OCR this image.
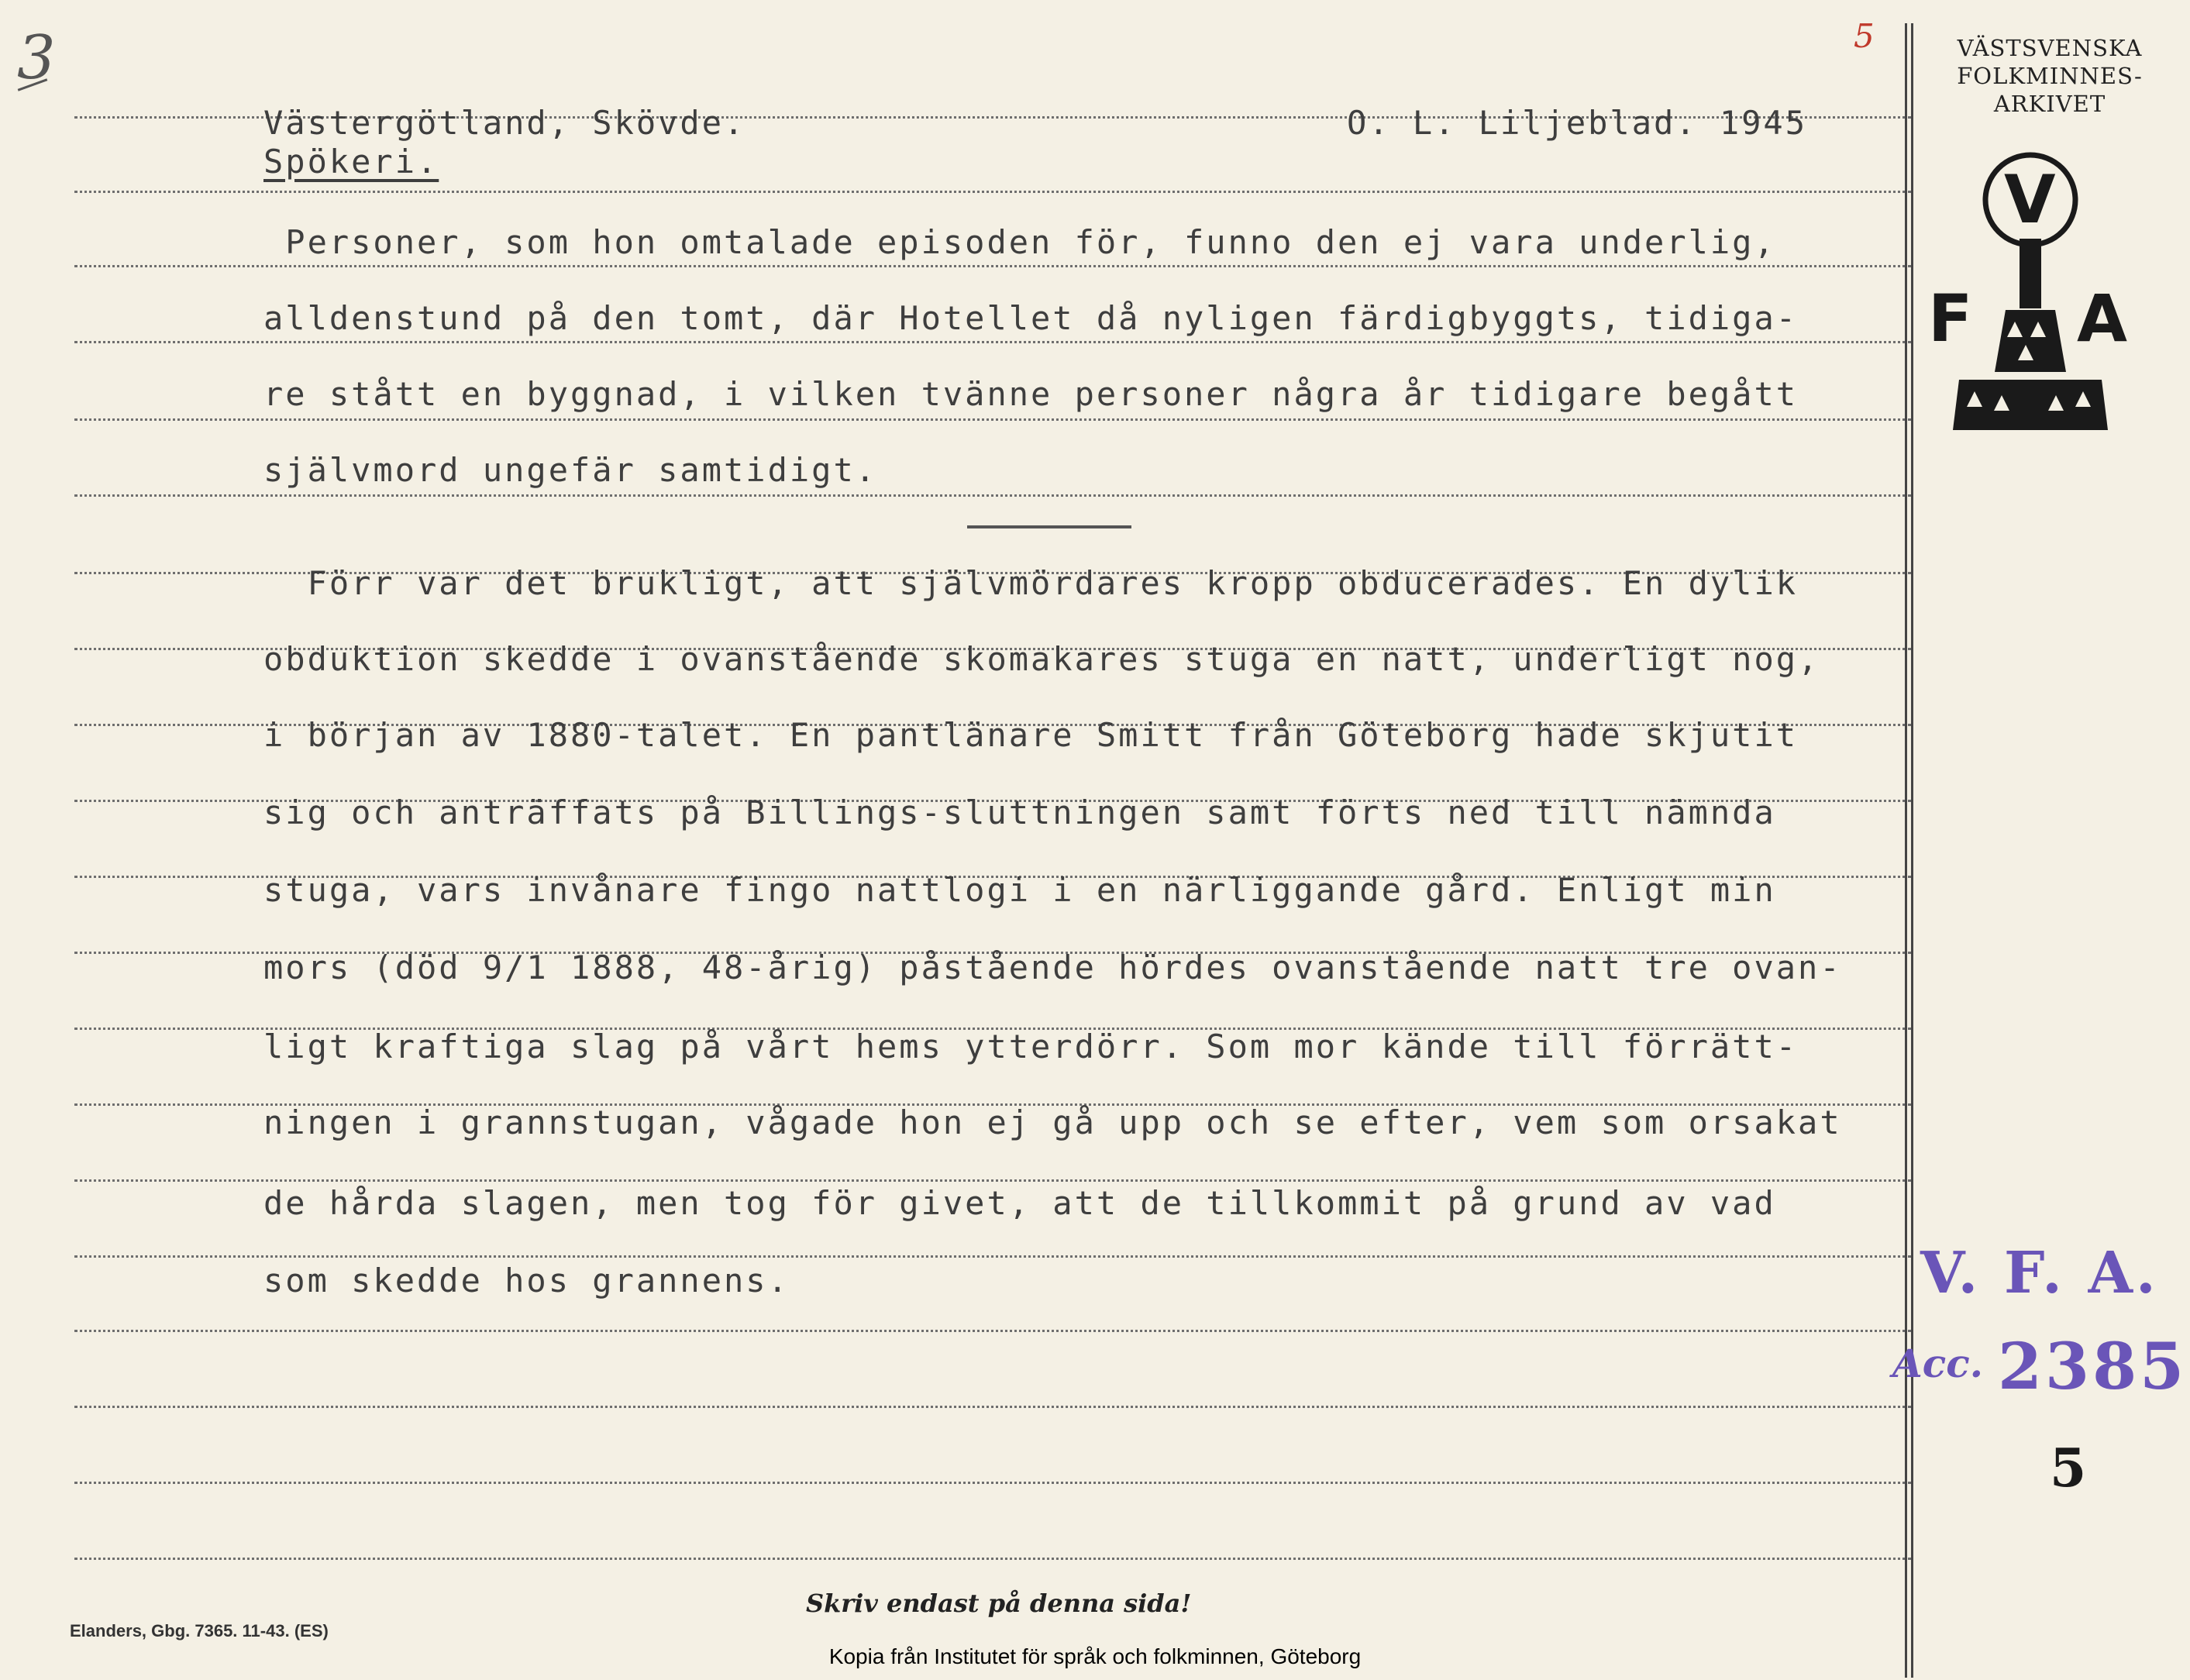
3	5
Västergötland, Skövde.	O. L. Liljeblad. 1945
Spökeri.
Personer, som hon omtalade episoden för, funno den ej vara underlig,
alldenstund på den tomt, där Hotellet då nyligen färdigbyggts, tidiga-
re stått en byggnad, i vilken tvänne personer några år tidigare begått
självmord ungefär samtidigt.
Förr var det brukligt, att självmördares kropp obducerades. En dylik
obduktion skedde i ovanstående skomakares stuga en natt, underligt nog,
i början av 1880-talet. En pantlänare Smitt från Göteborg hade skjutit
sig och anträffats på Billings-sluttningen samt förts ned till nämnda
stuga, vars invånare fingo nattlogi i en närliggande gård. Enligt min
mors (död 9/1 1888, 48-årig) påstående hördes ovanstående natt tre ovan-
ligt kraftiga slag på vårt hems ytterdörr. Som mor kände till förrätt-
ningen i grannstugan, vågade hon ej gå upp och se efter, vem som orsakat
de hårda slagen, men tog för givet, att de tillkommit på grund av vad
som skedde hos grannens.
VÄSTSVENSKA
FOLKMINNES-
ARKIVET
V
F A
V. F. A.
Acc. 2385
5
Skriv endast på denna sida!
Elanders, Gbg. 7365. 11-43. (ES)
Kopia från Institutet för språk och folkminnen, Göteborg
